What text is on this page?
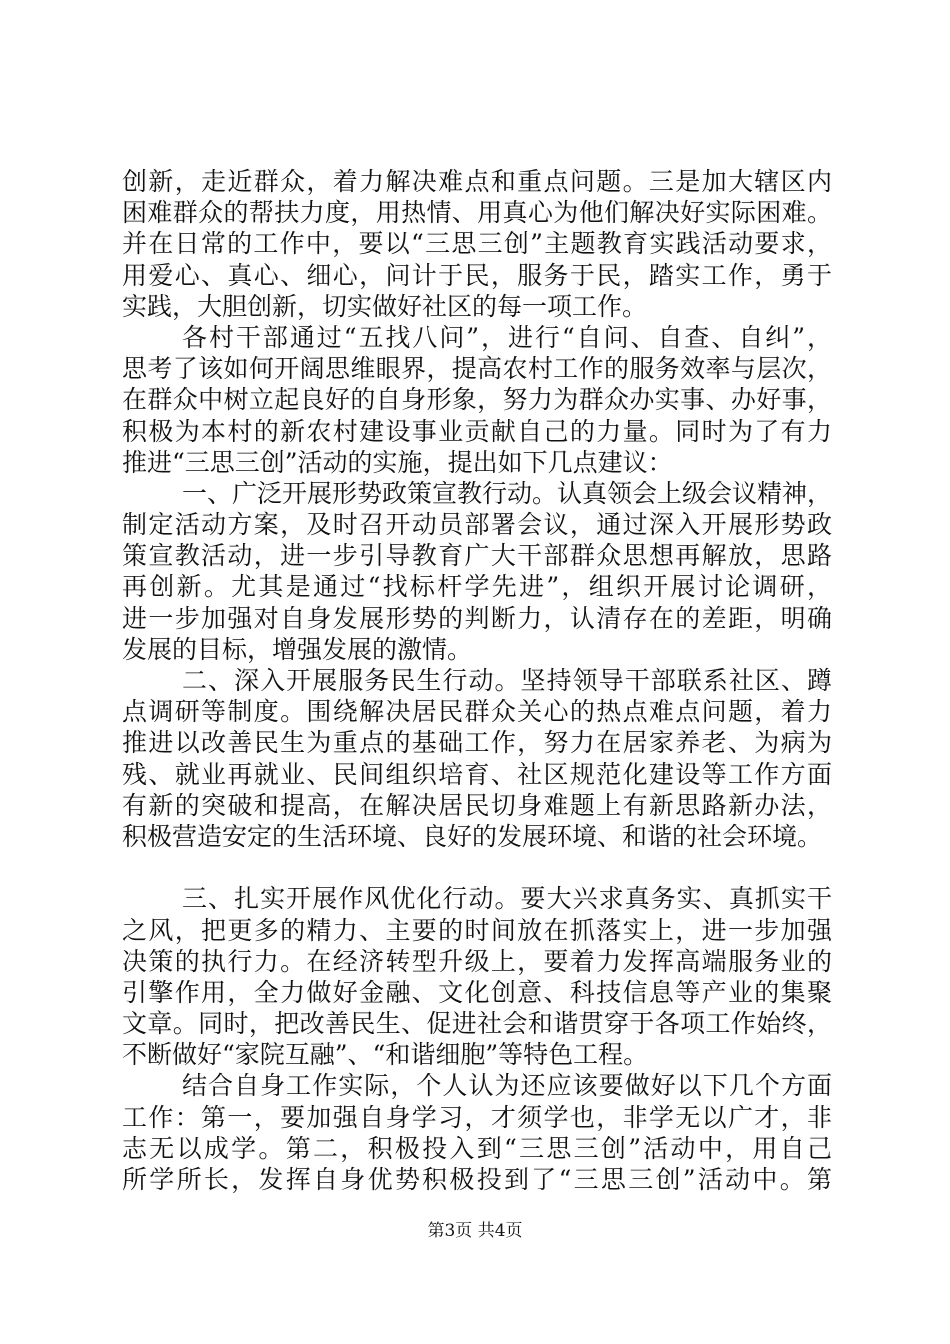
创新，走近群众，着力解决难点和重点问题。三是加大辖区内
困难群众的帮扶力度，用热情、用真心为他们解决好实际困难。
并在日常的工作中，要以“三思三创”主题教育实践活动要求，
用爱心、真心、细心，问计于民，服务于民，踏实工作，勇于
实践，大胆创新，切实做好社区的每一项工作。
各村干部通过“五找八问”，进行“自问、自查、自纠”，
思考了该如何开阔思维眼界，提高农村工作的服务效率与层次，
在群众中树立起良好的自身形象，努力为群众办实事、办好事，
积极为本村的新农村建设事业贡献自己的力量。同时为了有力
推进“三思三创”活动的实施，提出如下几点建议：
一、广泛开展形势政策宣教行动。认真领会上级会议精神，
制定活动方案，及时召开动员部署会议，通过深入开展形势政
策宣教活动，进一步引导教育广大干部群众思想再解放，思路
再创新。尤其是通过“找标杆学先进”，组织开展讨论调研，
进一步加强对自身发展形势的判断力，认清存在的差距，明确
发展的目标，增强发展的激情。
二、深入开展服务民生行动。坚持领导干部联系社区、蹲
点调研等制度。围绕解决居民群众关心的热点难点问题，着力
推进以改善民生为重点的基础工作，努力在居家养老、为病为
残、就业再就业、民间组织培育、社区规范化建设等工作方面
有新的突破和提高，在解决居民切身难题上有新思路新办法，
积极营造安定的生活环境、良好的发展环境、和谐的社会环境。
三、扎实开展作风优化行动。要大兴求真务实、真抓实干
之风，把更多的精力、主要的时间放在抓落实上，进一步加强
决策的执行力。在经济转型升级上，要着力发挥高端服务业的
引擎作用，全力做好金融、文化创意、科技信息等产业的集聚
文章。同时，把改善民生、促进社会和谐贯穿于各项工作始终，
不断做好“家院互融”、“和谐细胞”等特色工程。
结合自身工作实际，个人认为还应该要做好以下几个方面
工作：第一，要加强自身学习，才须学也，非学无以广才，非
志无以成学。第二，积极投入到“三思三创”活动中，用自己
所学所长，发挥自身优势积极投到了“三思三创”活动中。第
第3页 共4页
